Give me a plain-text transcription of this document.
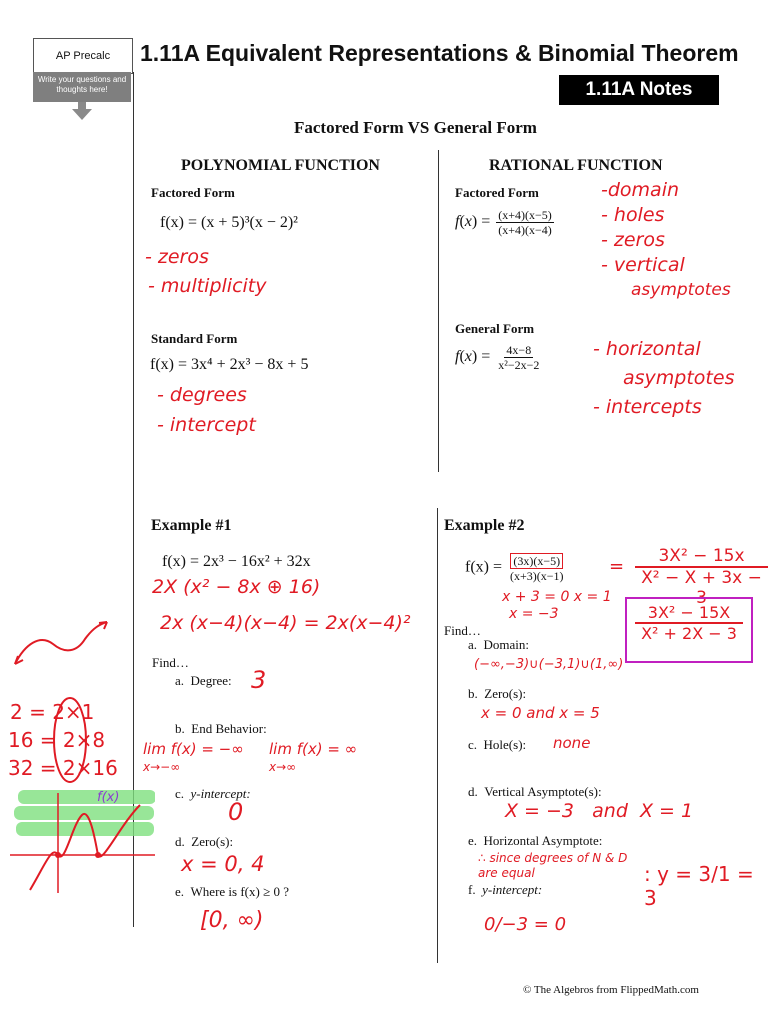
AP Precalc
Write your questions and thoughts here!
1.11A Equivalent Representations & Binomial Theorem
1.11A Notes
Factored Form VS General Form
POLYNOMIAL FUNCTION
Factored Form
f(x) = (x + 5)³(x − 2)²
- zeros
- multiplicity
Standard Form
f(x) = 3x⁴ + 2x³ − 8x + 5
- degrees
- intercept
RATIONAL FUNCTION
Factored Form
$f(x) = \frac{(x+4)(x-5)}{(x+4)(x-4)}$
-domain
- holes
- zeros
- vertical
asymptotes
General Form
$f(x) = \frac{4x-8}{\text{x²−2x−2}}$	- horizontal
asymptotes
- intercepts
Example #1
f(x) = 2x³ − 16x² + 32x
2X (x² − 8x ⊕ 16)
2x (x−4)(x−4) = 2x(x−4)²
Find…
a. Degree: 3
b. End Behavior:
lim f(x) = −∞
x→−∞
lim f(x) = ∞
x→∞
c. y-intercept:
0
d. Zero(s):
x = 0, 4
e. Where is f(x) ≥ 0 ?
[0, ∞)
Example #2
$f(x) = \frac{(3x)(x-5)}{(x+3)(x-1)}$ =	3X² − 15x
X² − X + 3x − 3
x + 3 = 0 x = 1
x = −3	3X² − 15X
X² + 2X − 3
Find…
a. Domain:
(−∞,−3)∪(−3,1)∪(1,∞)
b. Zero(s):
x = 0 and x = 5
c. Hole(s): none
d. Vertical Asymptote(s):
X = −3   and  X = 1
e. Horizontal Asymptote:
∴ since degrees of N & D are equal	: y = 3/1 = 3
f. y-intercept:
0/−3 = 0
2 = 2×1
16 = 2×8
32 = 2×16
f(x)
© The Algebros from FlippedMath.com
